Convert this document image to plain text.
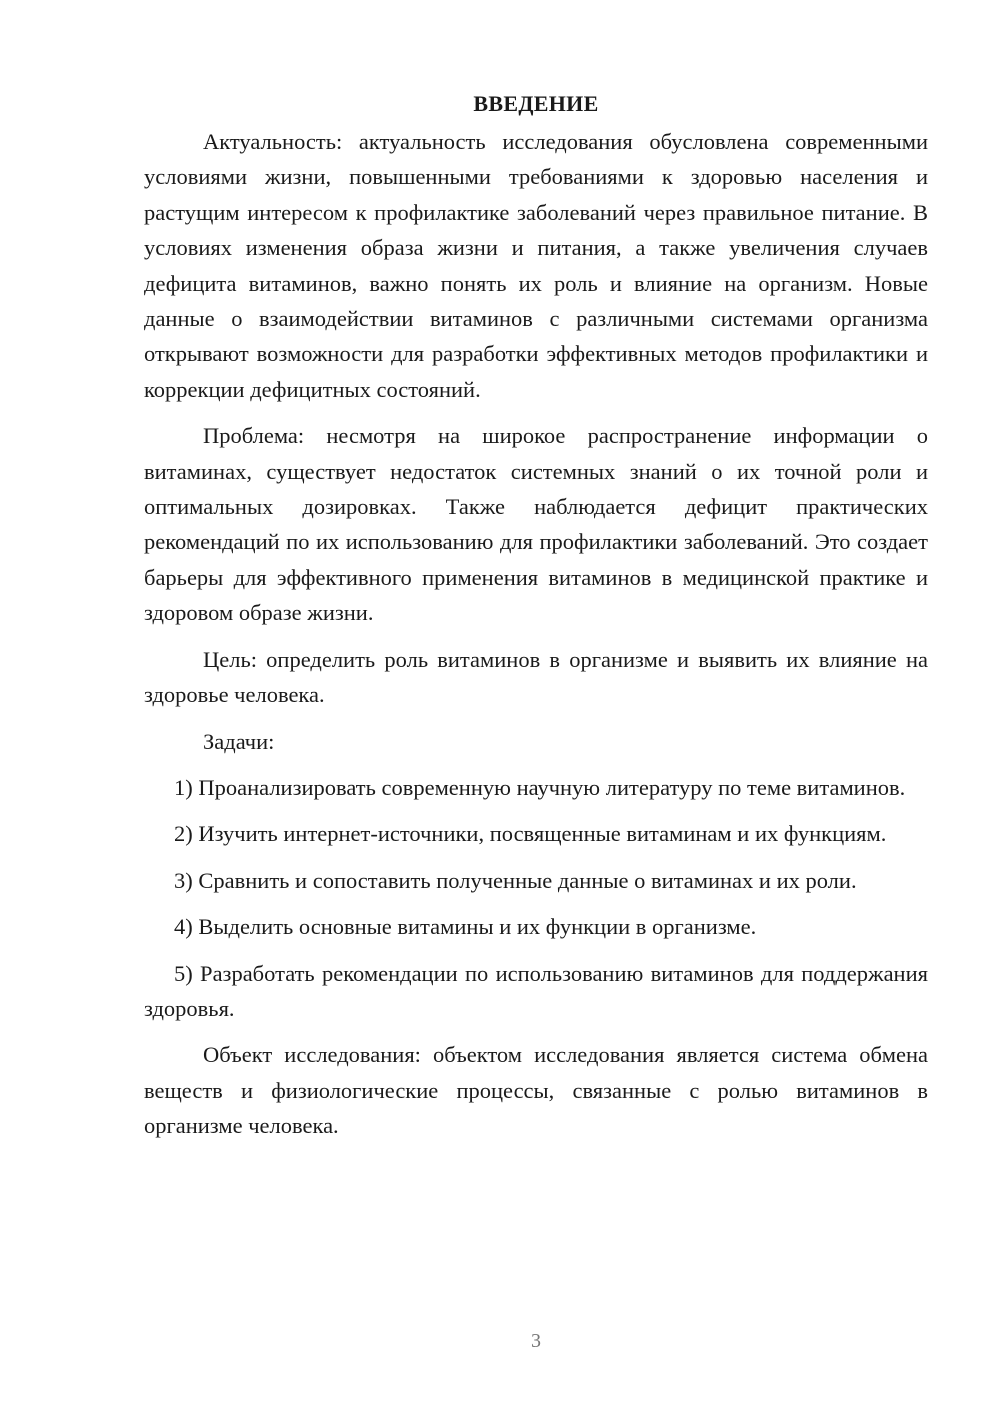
ВВЕДЕНИЕ

Актуальность: актуальность исследования обусловлена современными условиями жизни, повышенными требованиями к здоровью населения и растущим интересом к профилактике заболеваний через правильное питание. В условиях изменения образа жизни и питания, а также увеличения случаев дефицита витаминов, важно понять их роль и влияние на организм. Новые данные о взаимодействии витаминов с различными системами организма открывают возможности для разработки эффективных методов профилактики и коррекции дефицитных состояний.

Проблема: несмотря на широкое распространение информации о витаминах, существует недостаток системных знаний о их точной роли и оптимальных дозировках. Также наблюдается дефицит практических рекомендаций по их использованию для профилактики заболеваний. Это создает барьеры для эффективного применения витаминов в медицинской практике и здоровом образе жизни.

Цель: определить роль витаминов в организме и выявить их влияние на здоровье человека.

Задачи:

1) Проанализировать современную научную литературу по теме витаминов.

2) Изучить интернет-источники, посвященные витаминам и их функциям.

3) Сравнить и сопоставить полученные данные о витаминах и их роли.

4) Выделить основные витамины и их функции в организме.

5) Разработать рекомендации по использованию витаминов для поддержания здоровья.

Объект исследования: объектом исследования является система обмена веществ и физиологические процессы, связанные с ролью витаминов в организме человека.

3
